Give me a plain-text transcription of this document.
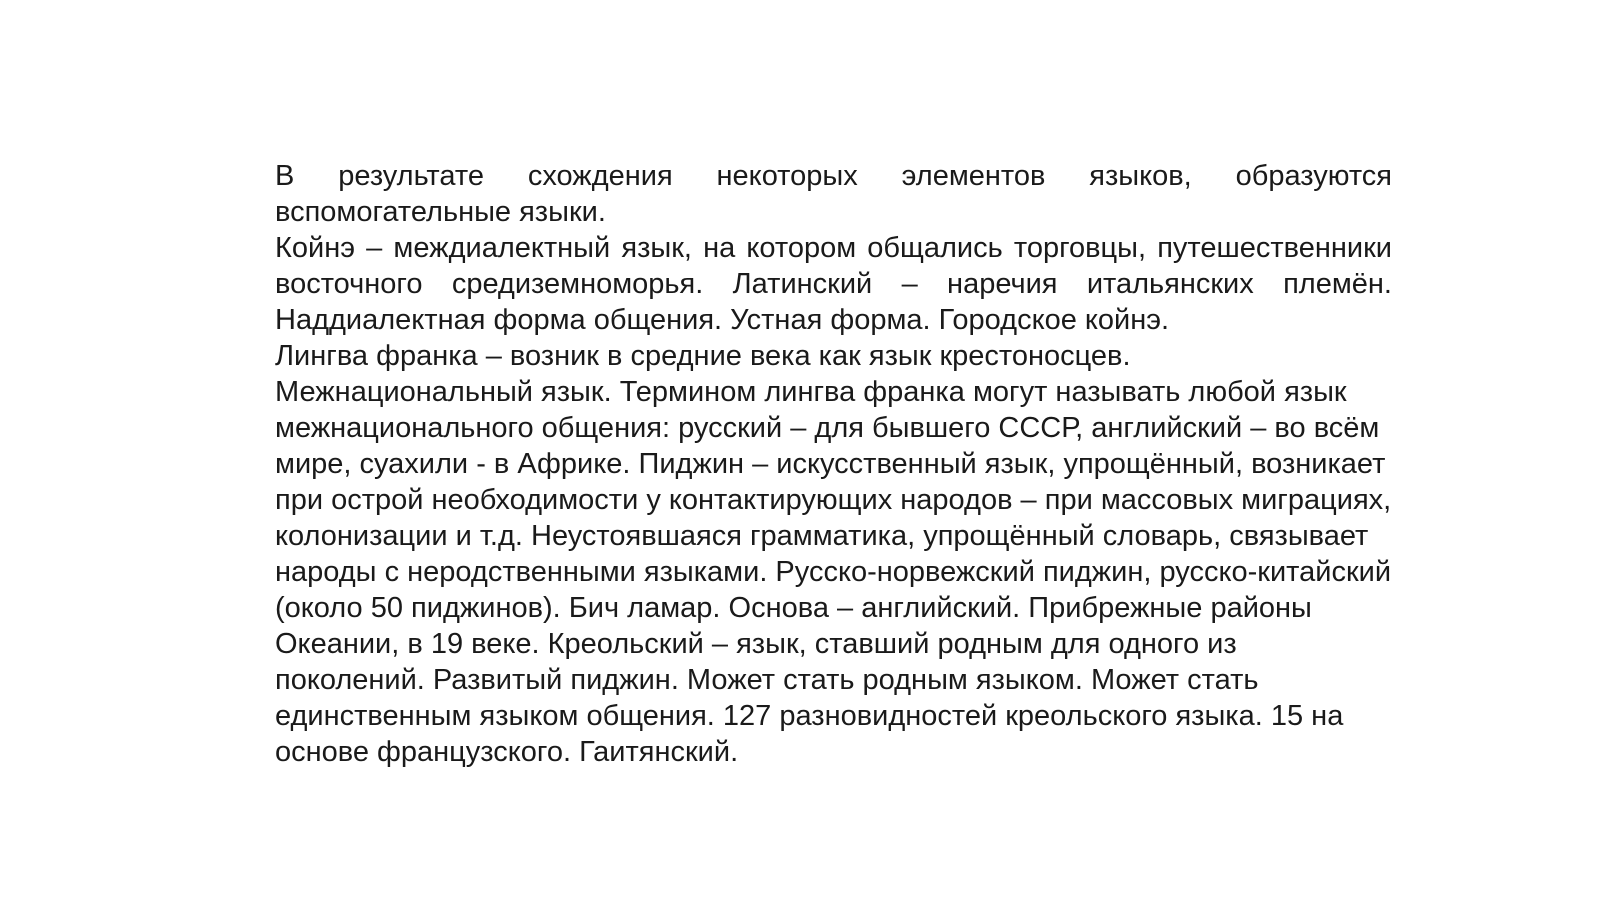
В результате схождения некоторых элементов языков, образуются вспомогательные языки.

Койнэ – междиалектный язык, на котором общались торговцы, путешественники восточного средиземноморья. Латинский – наречия итальянских племён. Наддиалектная форма общения. Устная форма. Городское койнэ.

Лингва франка – возник в средние века как язык крестоносцев.

Межнациональный язык. Термином лингва франка могут называть любой язык межнационального общения: русский – для бывшего СССР, английский – во всём мире, суахили - в Африке. Пиджин – искусственный язык, упрощённый, возникает при острой необходимости у контактирующих народов – при массовых миграциях, колонизации и т.д. Неустоявшаяся грамматика, упрощённый словарь, связывает народы с неродственными языками. Русско-норвежский пиджин, русско-китайский (около 50 пиджинов). Бич ламар. Основа – английский. Прибрежные районы Океании, в 19 веке. Креольский – язык, ставший родным для одного из поколений. Развитый пиджин. Может стать родным языком. Может стать единственным языком общения. 127 разновидностей креольского языка. 15 на основе французского. Гаитянский.
